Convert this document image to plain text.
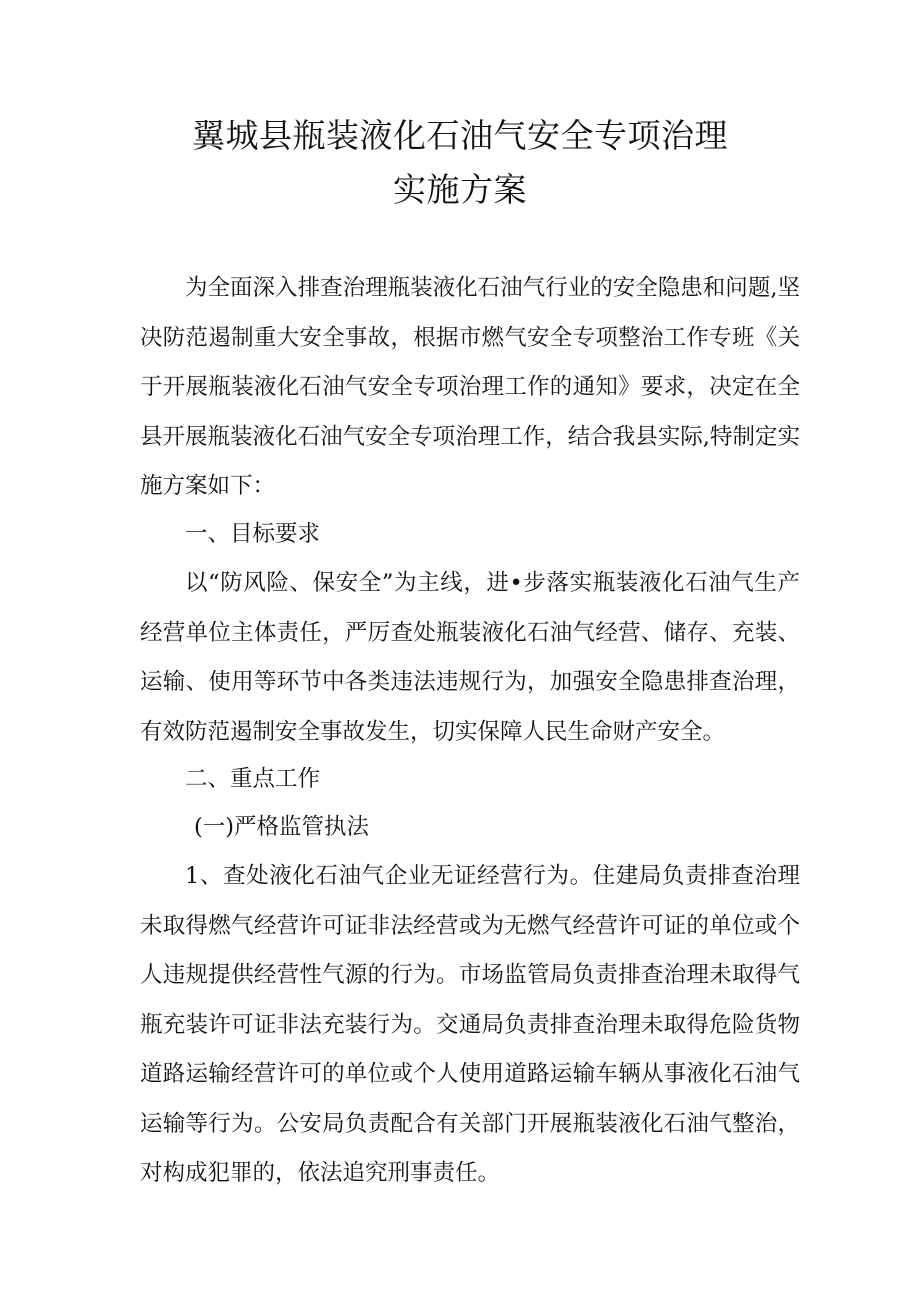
翼城县瓶装液化石油气安全专项治理
实施方案

为全面深入排查治理瓶装液化石油气行业的安全隐患和问题,坚决防范遏制重大安全事故，根据市燃气安全专项整治工作专班《关于开展瓶装液化石油气安全专项治理工作的通知》要求，决定在全县开展瓶装液化石油气安全专项治理工作，结合我县实际,特制定实施方案如下：

一、目标要求

以“防风险、保安全”为主线，进•步落实瓶装液化石油气生产经营单位主体责任，严厉查处瓶装液化石油气经营、储存、充装、运输、使用等环节中各类违法违规行为，加强安全隐患排查治理，有效防范遏制安全事故发生，切实保障人民生命财产安全。

二、重点工作

(一)严格监管执法

1、查处液化石油气企业无证经营行为。住建局负责排查治理未取得燃气经营许可证非法经营或为无燃气经营许可证的单位或个人违规提供经营性气源的行为。市场监管局负责排查治理未取得气瓶充装许可证非法充装行为。交通局负责排查治理未取得危险货物道路运输经营许可的单位或个人使用道路运输车辆从事液化石油气运输等行为。公安局负责配合有关部门开展瓶装液化石油气整治，对构成犯罪的，依法追究刑事责任。
